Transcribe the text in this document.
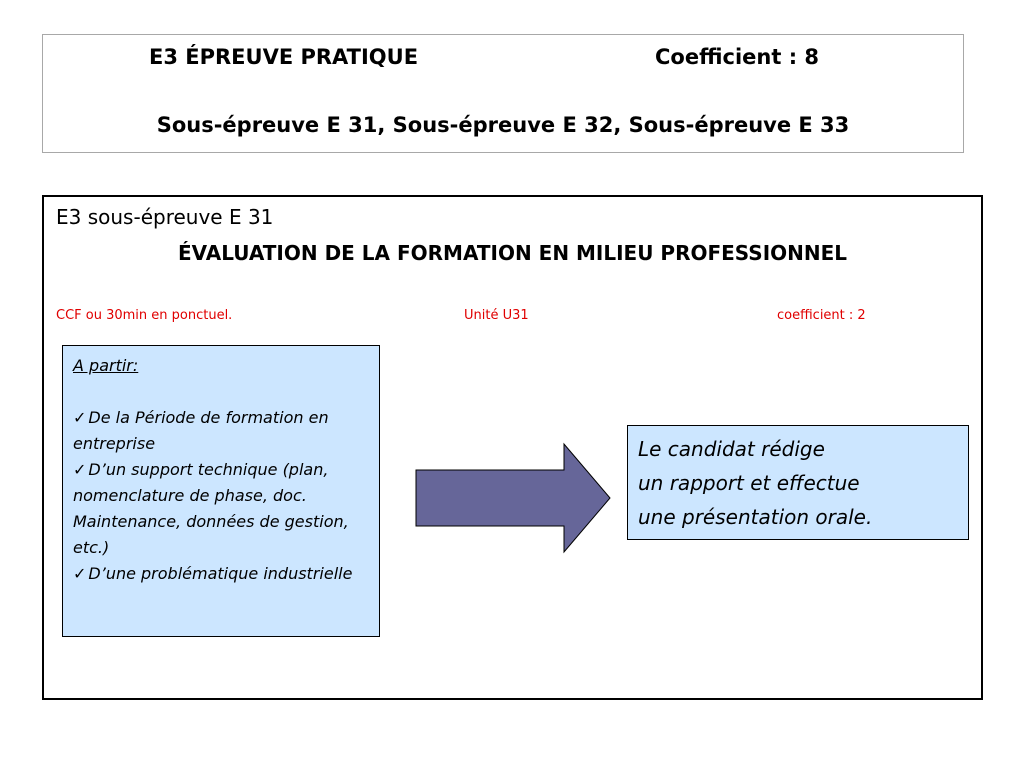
E3 ÉPREUVE PRATIQUE	Coefficient : 8
Sous-épreuve E 31, Sous-épreuve E 32, Sous-épreuve E 33
E3 sous-épreuve E 31
ÉVALUATION DE LA FORMATION EN MILIEU PROFESSIONNEL
CCF ou 30min en ponctuel.	Unité U31	coefficient : 2
A partir:
✓ De la Période de formation en entreprise
✓ D’un support technique (plan, nomenclature de phase, doc. Maintenance, données de gestion, etc.)
✓ D’une problématique industrielle
Le candidat rédige
un rapport et effectue
une présentation orale.
